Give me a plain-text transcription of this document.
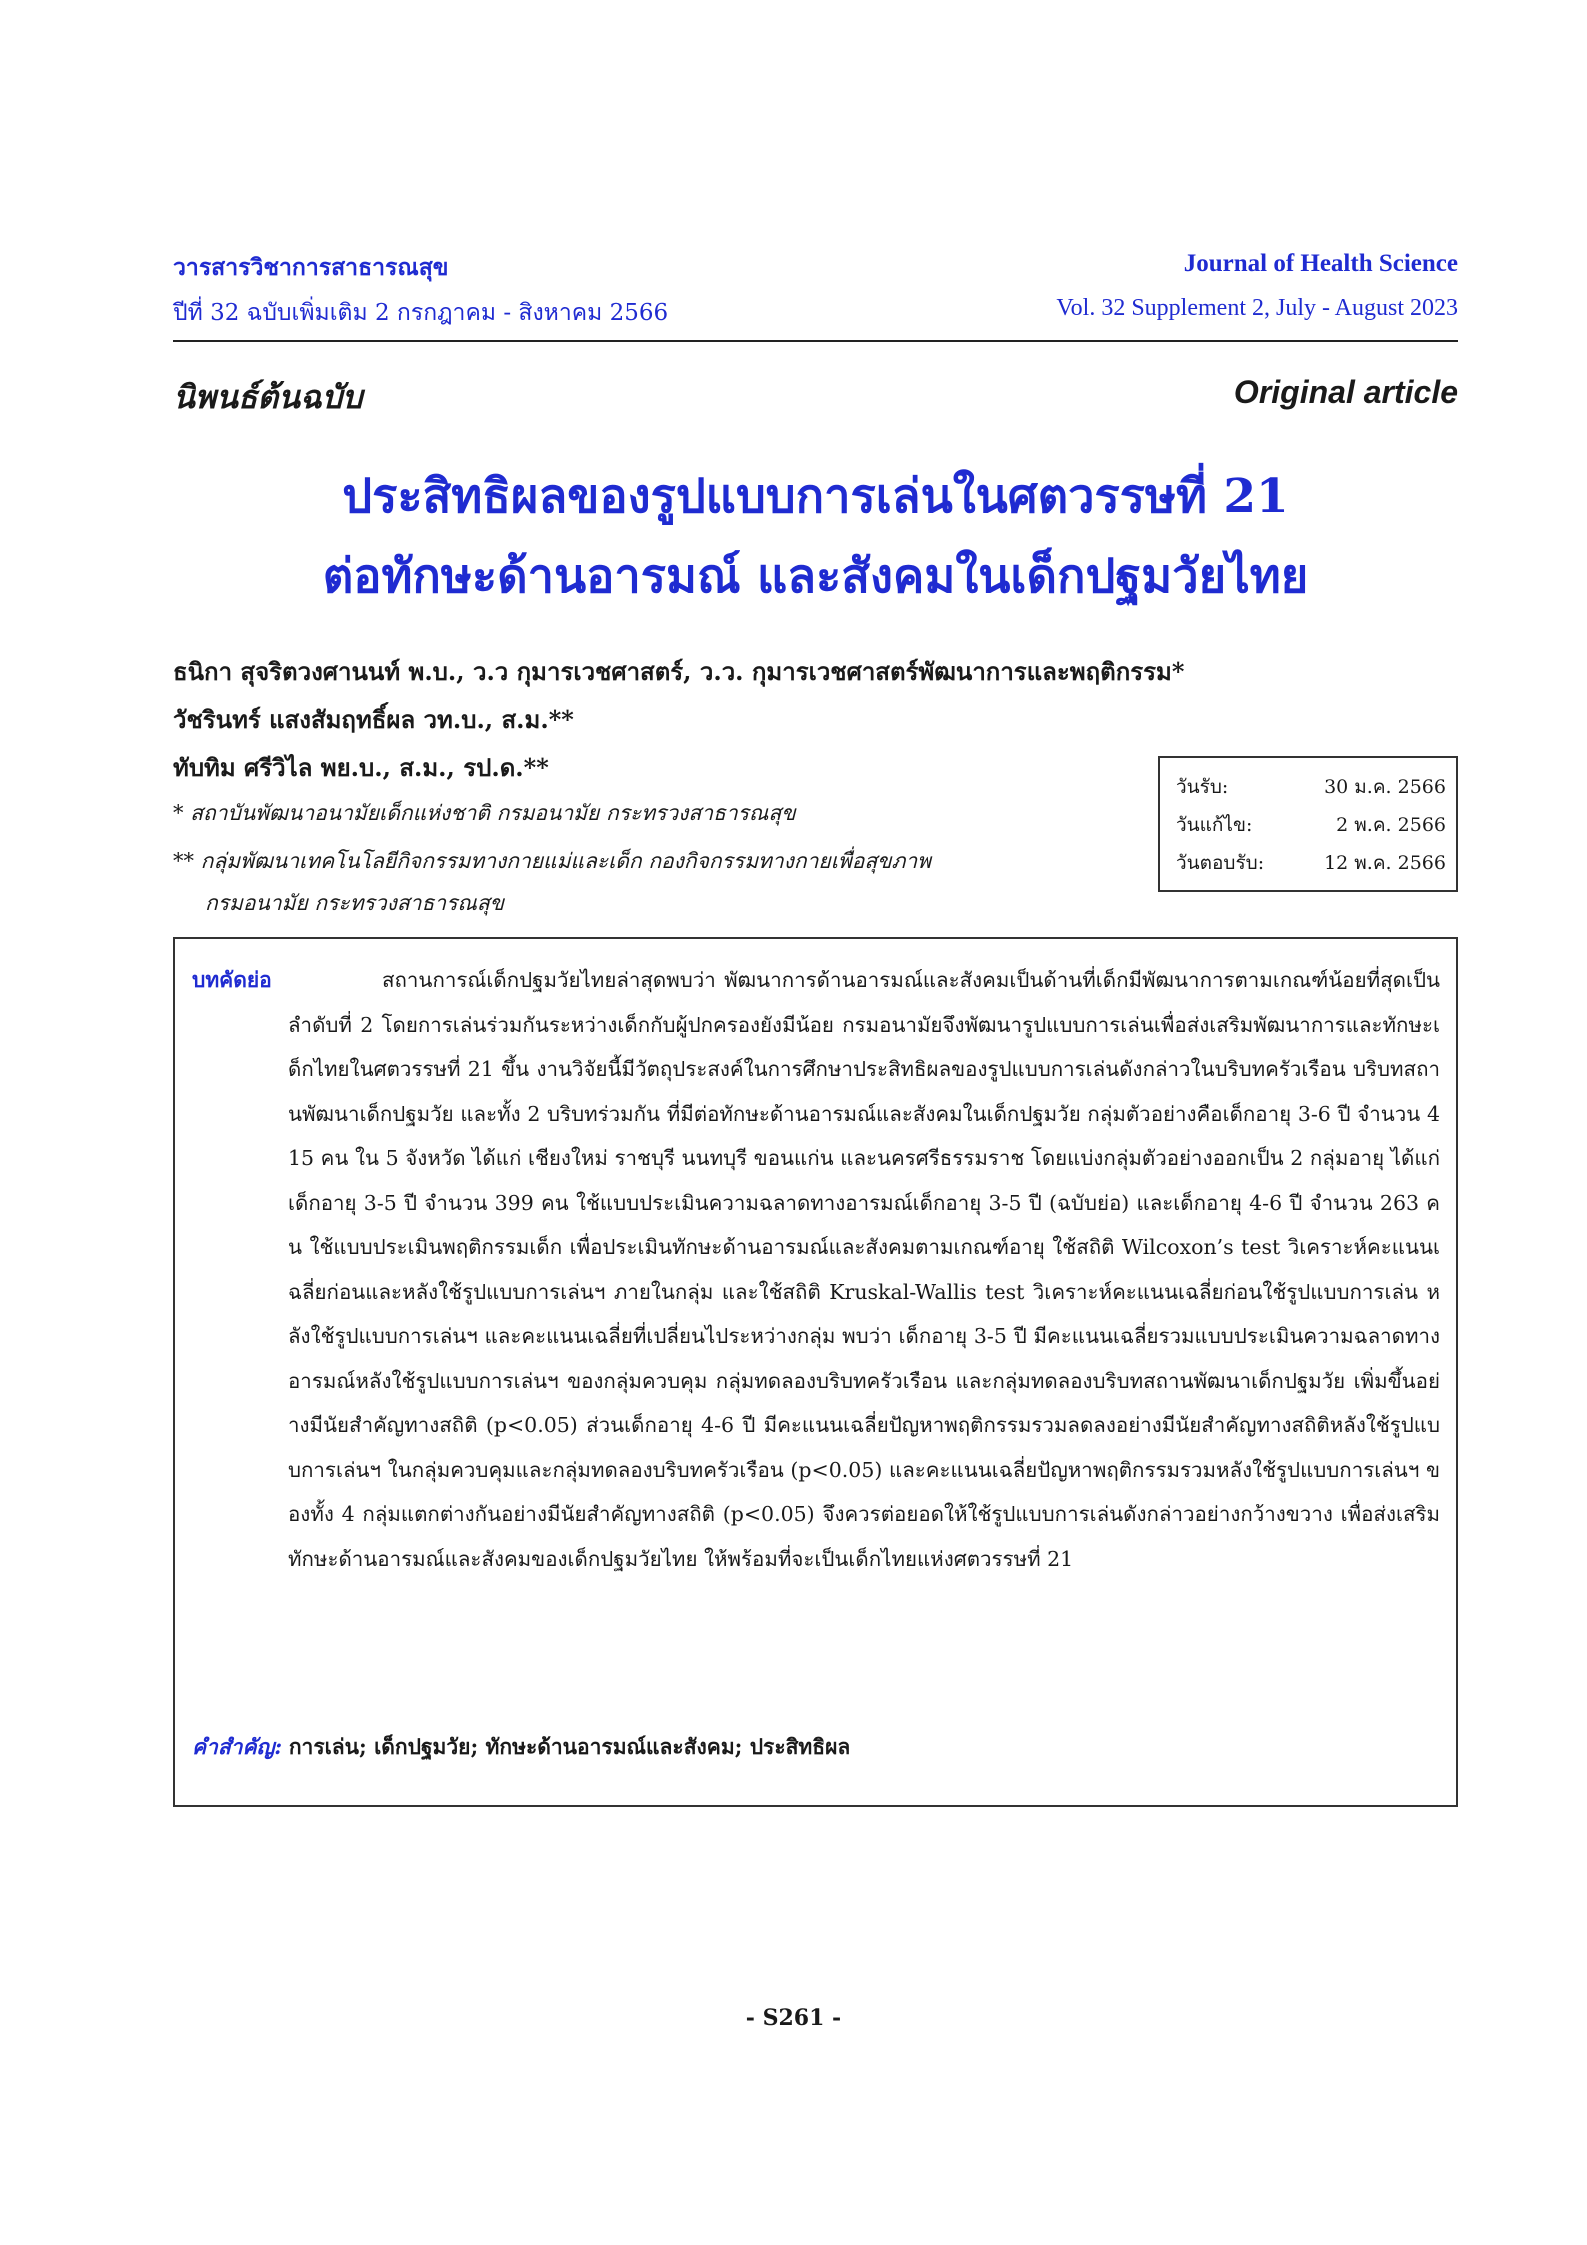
วารสารวิชาการสาธารณสุข
ปีที่ 32 ฉบับเพิ่มเติม 2 กรกฎาคม - สิงหาคม 2566
Journal of Health Science
Vol. 32 Supplement 2, July - August 2023
นิพนธ์ต้นฉบับ	Original article
ประสิทธิผลของรูปแบบการเล่นในศตวรรษที่ 21
ต่อทักษะด้านอารมณ์ และสังคมในเด็กปฐมวัยไทย
ธนิกา สุจริตวงศานนท์ พ.บ., ว.ว กุมารเวชศาสตร์, ว.ว. กุมารเวชศาสตร์พัฒนาการและพฤติกรรม*
วัชรินทร์ แสงสัมฤทธิ์ผล วท.บ., ส.ม.**
ทับทิม ศรีวิไล พย.บ., ส.ม., รป.ด.**
* สถาบันพัฒนาอนามัยเด็กแห่งชาติ กรมอนามัย กระทรวงสาธารณสุข
** กลุ่มพัฒนาเทคโนโลยีกิจกรรมทางกายแม่และเด็ก กองกิจกรรมทางกายเพื่อสุขภาพ
กรมอนามัย กระทรวงสาธารณสุข
วันรับ:	30 ม.ค. 2566
วันแก้ไข:	2 พ.ค. 2566
วันตอบรับ:	12 พ.ค. 2566
บทคัดย่อ	สถานการณ์เด็กปฐมวัยไทยล่าสุดพบว่า พัฒนาการด้านอารมณ์และสังคมเป็นด้านที่เด็กมีพัฒนาการตามเกณฑ์น้อยที่สุดเป็นลำดับที่ 2 โดยการเล่นร่วมกันระหว่างเด็กกับผู้ปกครองยังมีน้อย กรมอนามัยจึงพัฒนารูปแบบการเล่นเพื่อส่งเสริมพัฒนาการและทักษะเด็กไทยในศตวรรษที่ 21 ขึ้น งานวิจัยนี้มีวัตถุประสงค์ในการศึกษาประสิทธิผลของรูปแบบการเล่นดังกล่าวในบริบทครัวเรือน บริบทสถานพัฒนาเด็กปฐมวัย และทั้ง 2 บริบทร่วมกัน ที่มีต่อทักษะด้านอารมณ์และสังคมในเด็กปฐมวัย กลุ่มตัวอย่างคือเด็กอายุ 3-6 ปี จำนวน 415 คน ใน 5 จังหวัด ได้แก่ เชียงใหม่ ราชบุรี นนทบุรี ขอนแก่น และนครศรีธรรมราช โดยแบ่งกลุ่มตัวอย่างออกเป็น 2 กลุ่มอายุ ได้แก่ เด็กอายุ 3-5 ปี จำนวน 399 คน ใช้แบบประเมินความฉลาดทางอารมณ์เด็กอายุ 3-5 ปี (ฉบับย่อ) และเด็กอายุ 4-6 ปี จำนวน 263 คน ใช้แบบประเมินพฤติกรรมเด็ก เพื่อประเมินทักษะด้านอารมณ์และสังคมตามเกณฑ์อายุ ใช้สถิติ Wilcoxon’s test วิเคราะห์คะแนนเฉลี่ยก่อนและหลังใช้รูปแบบการเล่นฯ ภายในกลุ่ม และใช้สถิติ Kruskal-Wallis test วิเคราะห์คะแนนเฉลี่ยก่อนใช้รูปแบบการเล่น หลังใช้รูปแบบการเล่นฯ และคะแนนเฉลี่ยที่เปลี่ยนไประหว่างกลุ่ม พบว่า เด็กอายุ 3-5 ปี มีคะแนนเฉลี่ยรวมแบบประเมินความฉลาดทางอารมณ์หลังใช้รูปแบบการเล่นฯ ของกลุ่มควบคุม กลุ่มทดลองบริบทครัวเรือน และกลุ่มทดลองบริบทสถานพัฒนาเด็กปฐมวัย เพิ่มขึ้นอย่างมีนัยสำคัญทางสถิติ (p<0.05) ส่วนเด็กอายุ 4-6 ปี มีคะแนนเฉลี่ยปัญหาพฤติกรรมรวมลดลงอย่างมีนัยสำคัญทางสถิติหลังใช้รูปแบบการเล่นฯ ในกลุ่มควบคุมและกลุ่มทดลองบริบทครัวเรือน (p<0.05) และคะแนนเฉลี่ยปัญหาพฤติกรรมรวมหลังใช้รูปแบบการเล่นฯ ของทั้ง 4 กลุ่มแตกต่างกันอย่างมีนัยสำคัญทางสถิติ (p<0.05) จึงควรต่อยอดให้ใช้รูปแบบการเล่นดังกล่าวอย่างกว้างขวาง เพื่อส่งเสริมทักษะด้านอารมณ์และสังคมของเด็กปฐมวัยไทย ให้พร้อมที่จะเป็นเด็กไทยแห่งศตวรรษที่ 21
คำสำคัญ: การเล่น; เด็กปฐมวัย; ทักษะด้านอารมณ์และสังคม; ประสิทธิผล
- S261 -
